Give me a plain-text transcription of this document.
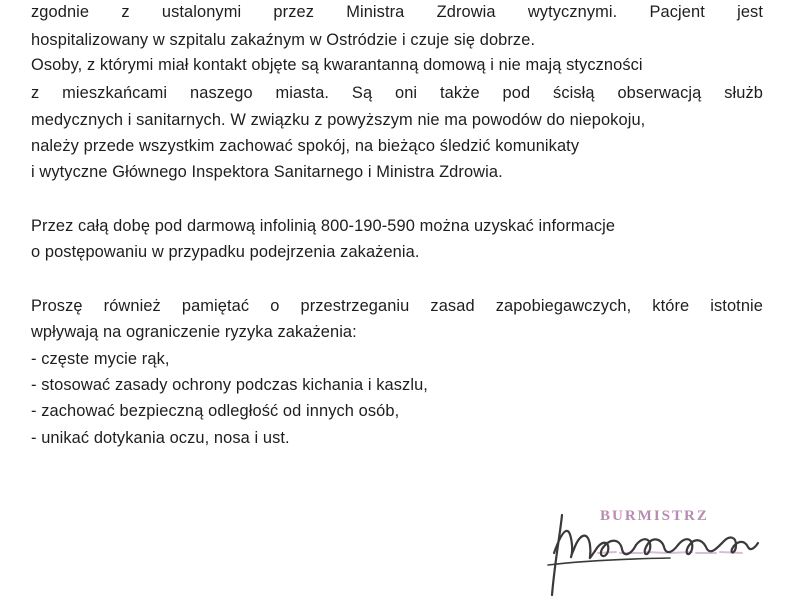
zgodnie z ustalonymi przez Ministra Zdrowia wytycznymi. Pacjent jest
hospitalizowany w szpitalu zakaźnym w Ostródzie i czuje się dobrze.
Osoby, z którymi miał kontakt objęte są kwarantanną domową i nie mają styczności
z mieszkańcami naszego miasta. Są oni także pod ścisłą obserwacją służb
medycznych i sanitarnych. W związku z powyższym nie ma powodów do niepokoju,
należy przede wszystkim zachować spokój, na bieżąco śledzić komunikaty
i wytyczne Głównego Inspektora Sanitarnego i Ministra Zdrowia.
Przez całą dobę pod darmową infolinią 800-190-590 można uzyskać informacje
o postępowaniu w przypadku podejrzenia zakażenia.
Proszę również pamiętać o przestrzeganiu zasad zapobiegawczych, które istotnie
wpływają na ograniczenie ryzyka zakażenia:
- częste mycie rąk,
- stosować zasady ochrony podczas kichania i kaszlu,
- zachować bezpieczną odległość od innych osób,
- unikać dotykania oczu, nosa i ust.
BURMISTRZ
